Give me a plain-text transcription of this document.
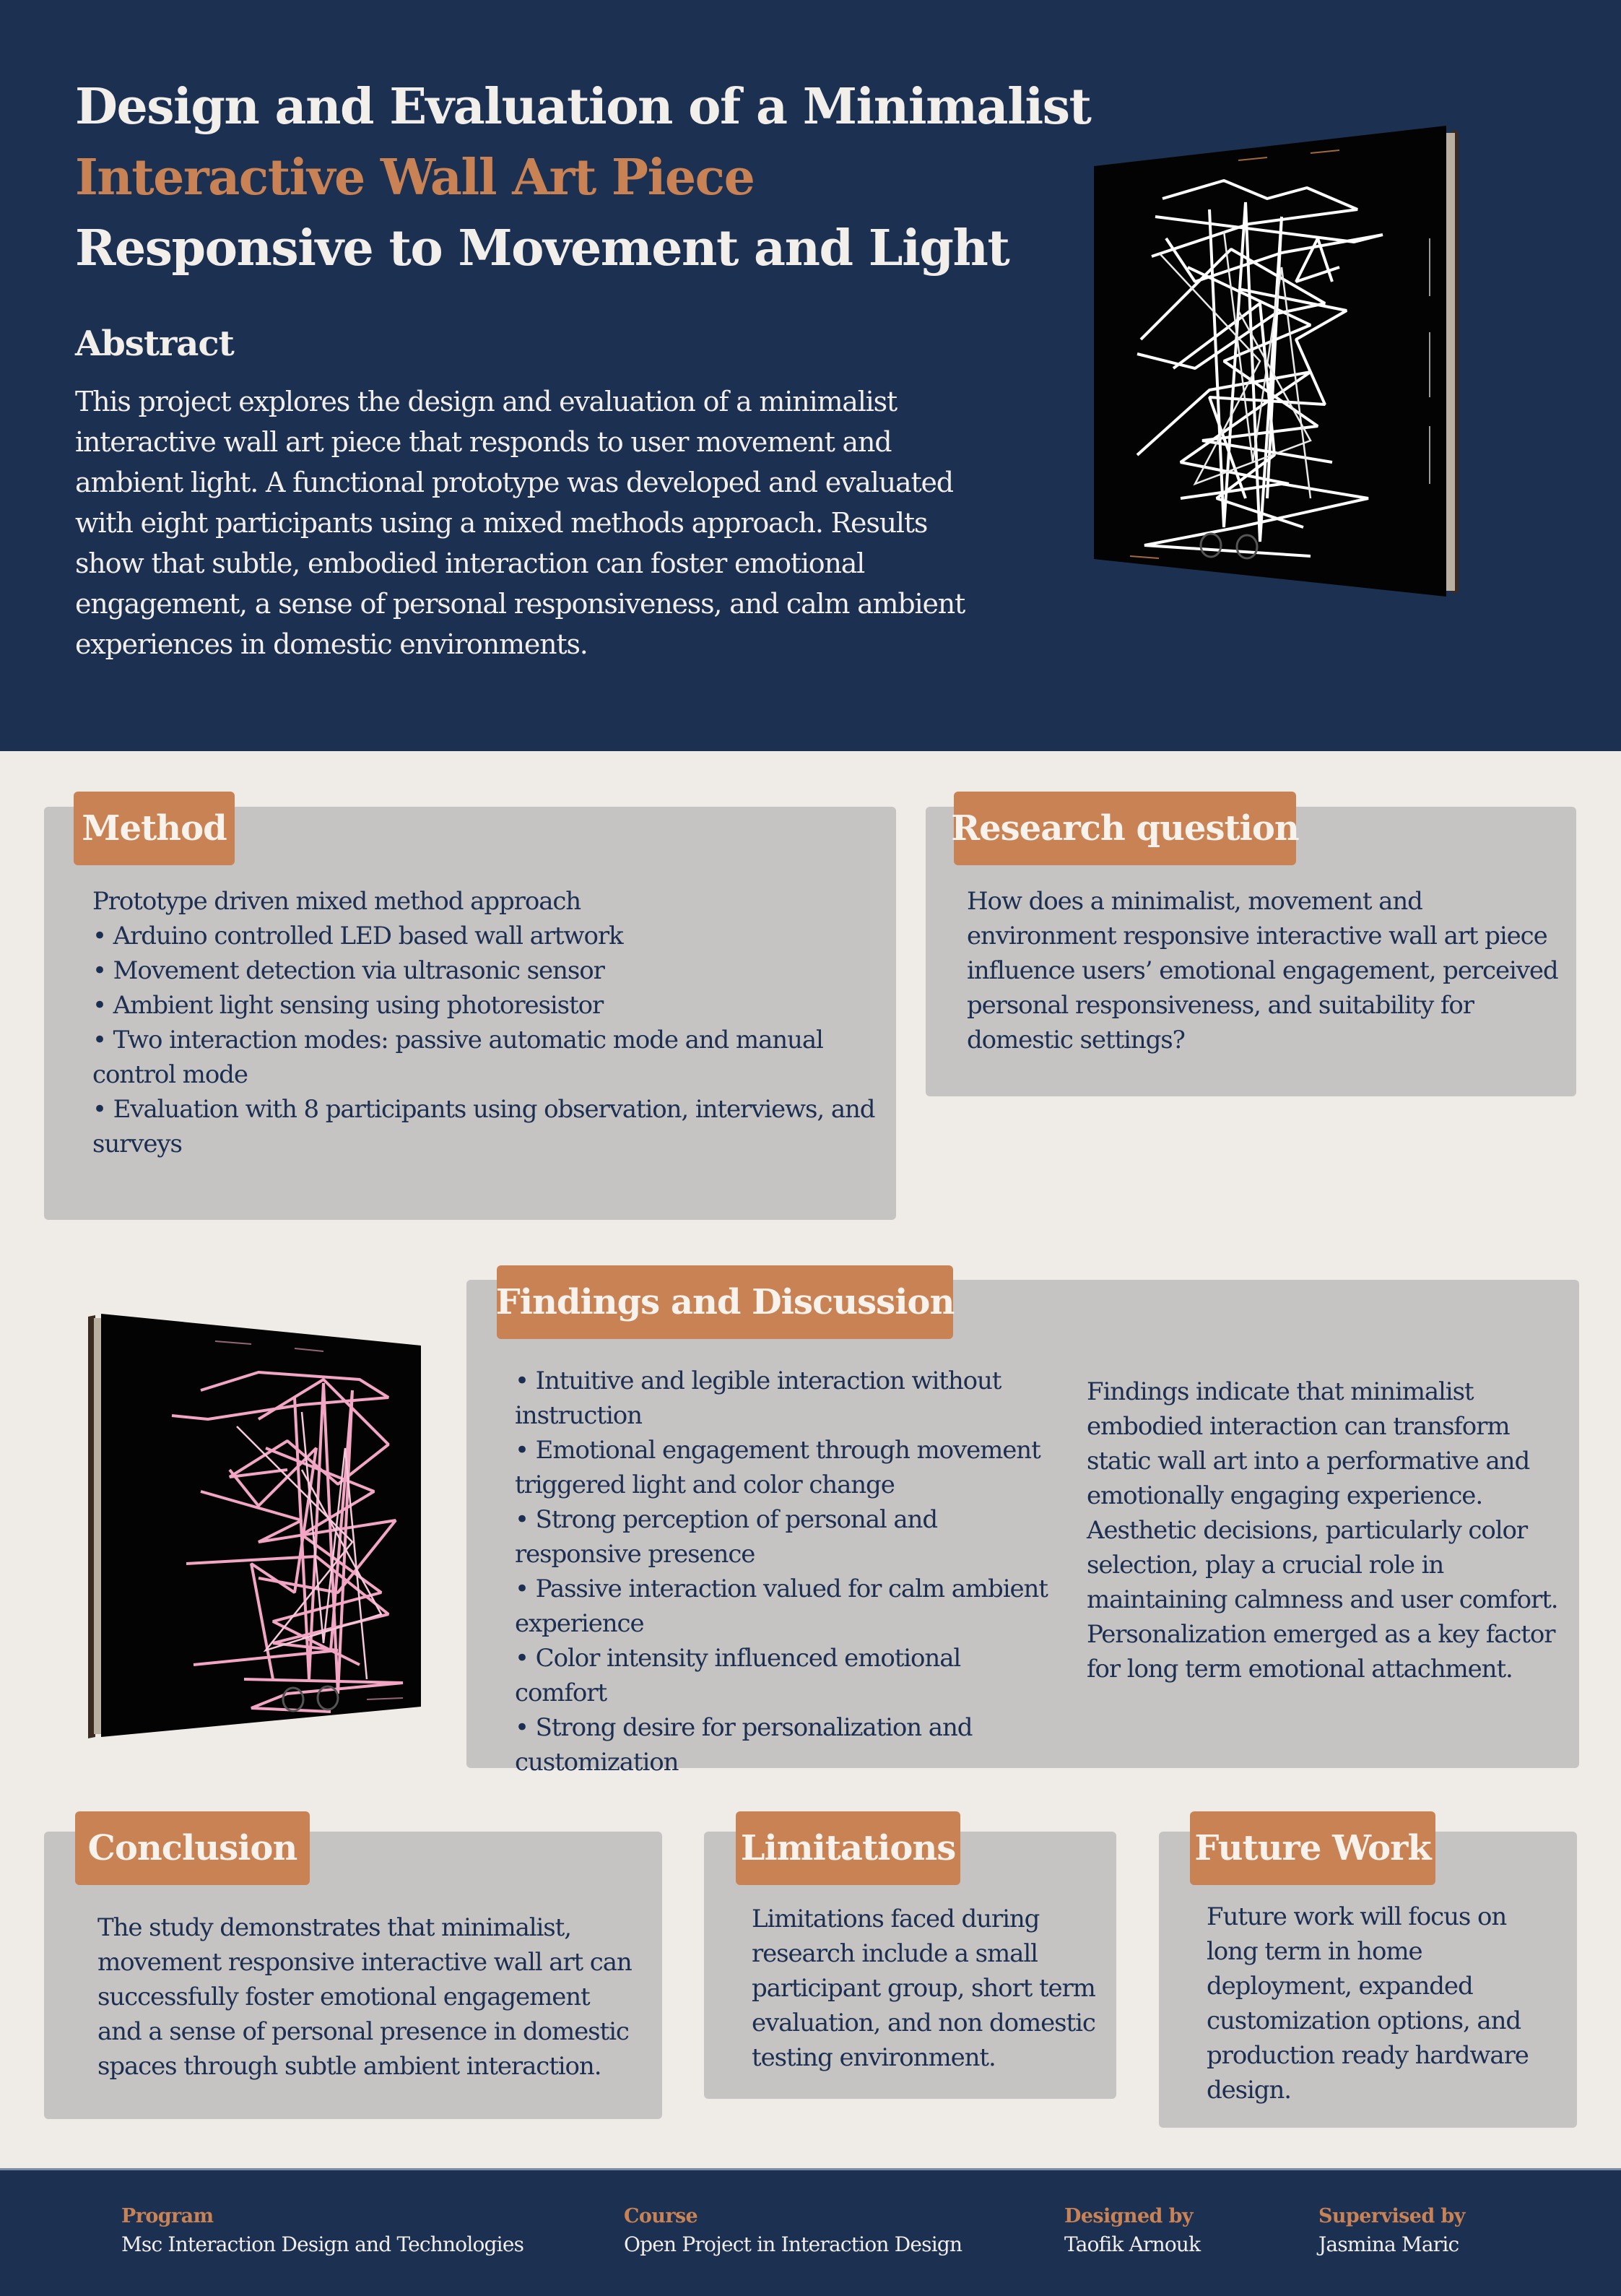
Design and Evaluation of a Minimalist
Interactive Wall Art Piece
Responsive to Movement and Light
Abstract
This project explores the design and evaluation of a minimalist interactive wall art piece that responds to user movement and ambient light. A functional prototype was developed and evaluated with eight participants using a mixed methods approach. Results show that subtle, embodied interaction can foster emotional engagement, a sense of personal responsiveness, and calm ambient experiences in domestic environments.
Method
Prototype driven mixed method approach
• Arduino controlled LED based wall artwork
• Movement detection via ultrasonic sensor
• Ambient light sensing using photoresistor
• Two interaction modes: passive automatic mode and manual control mode
• Evaluation with 8 participants using observation, interviews, and surveys
Research question
How does a minimalist, movement and environment responsive interactive wall art piece influence users’ emotional engagement, perceived personal responsiveness, and suitability for domestic settings?
Findings and Discussion
• Intuitive and legible interaction without instruction
• Emotional engagement through movement triggered light and color change
• Strong perception of personal and responsive presence
• Passive interaction valued for calm ambient experience
• Color intensity influenced emotional comfort
• Strong desire for personalization and customization
Findings indicate that minimalist embodied interaction can transform static wall art into a performative and emotionally engaging experience. Aesthetic decisions, particularly color selection, play a crucial role in maintaining calmness and user comfort. Personalization emerged as a key factor for long term emotional attachment.
Conclusion
The study demonstrates that minimalist, movement responsive interactive wall art can successfully foster emotional engagement and a sense of personal presence in domestic spaces through subtle ambient interaction.
Limitations
Limitations faced during research include a small participant group, short term evaluation, and non domestic testing environment.
Future Work
Future work will focus on long term in home deployment, expanded customization options, and production ready hardware design.
Program
Msc Interaction Design and Technologies
Course
Open Project in Interaction Design
Designed by
Taofik Arnouk
Supervised by
Jasmina Maric
